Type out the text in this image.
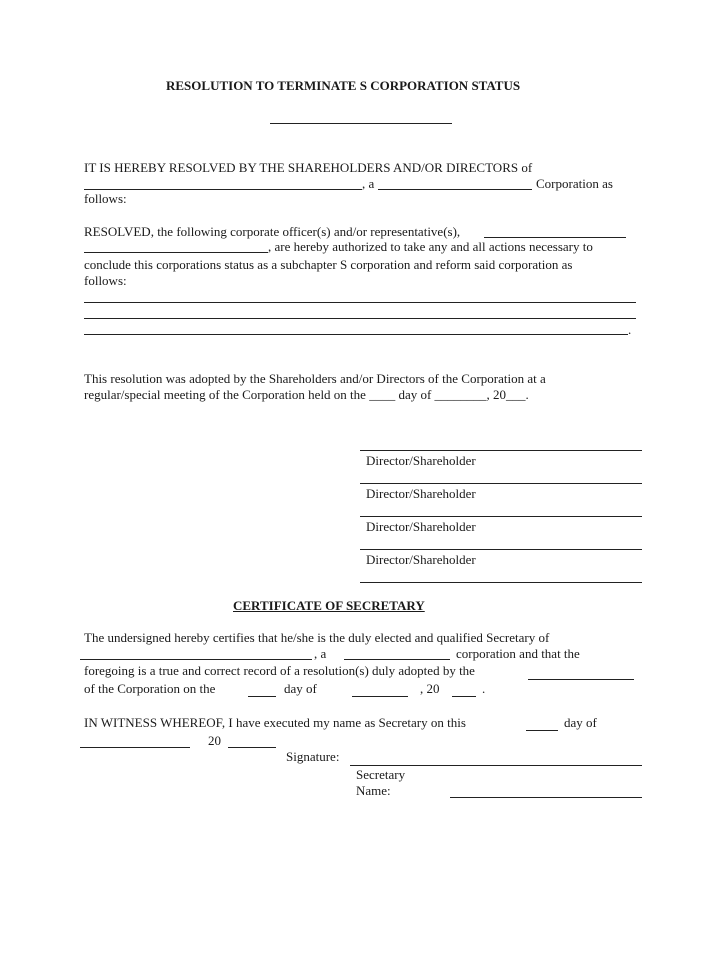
RESOLUTION TO TERMINATE S CORPORATION STATUS
IT IS HEREBY RESOLVED BY THE SHAREHOLDERS AND/OR DIRECTORS of
, a	Corporation as
follows:
RESOLVED, the following corporate officer(s) and/or representative(s),
, are hereby authorized to take any and all actions necessary to
conclude this corporations status as a subchapter S corporation and reform said corporation as
follows:
.
This resolution was adopted by the Shareholders and/or Directors of the Corporation at a
regular/special meeting of the Corporation held on the ____ day of ________, 20___.
Director/Shareholder
Director/Shareholder
Director/Shareholder
Director/Shareholder
CERTIFICATE OF SECRETARY
The undersigned hereby certifies that he/she is the duly elected and qualified Secretary of
, a	corporation and that the
foregoing is a true and correct record of a resolution(s) duly adopted by the
of the Corporation on the	day of	, 20	.
IN WITNESS WHEREOF, I have executed my name as Secretary on this	day of
20
Signature:
Secretary
Name:
